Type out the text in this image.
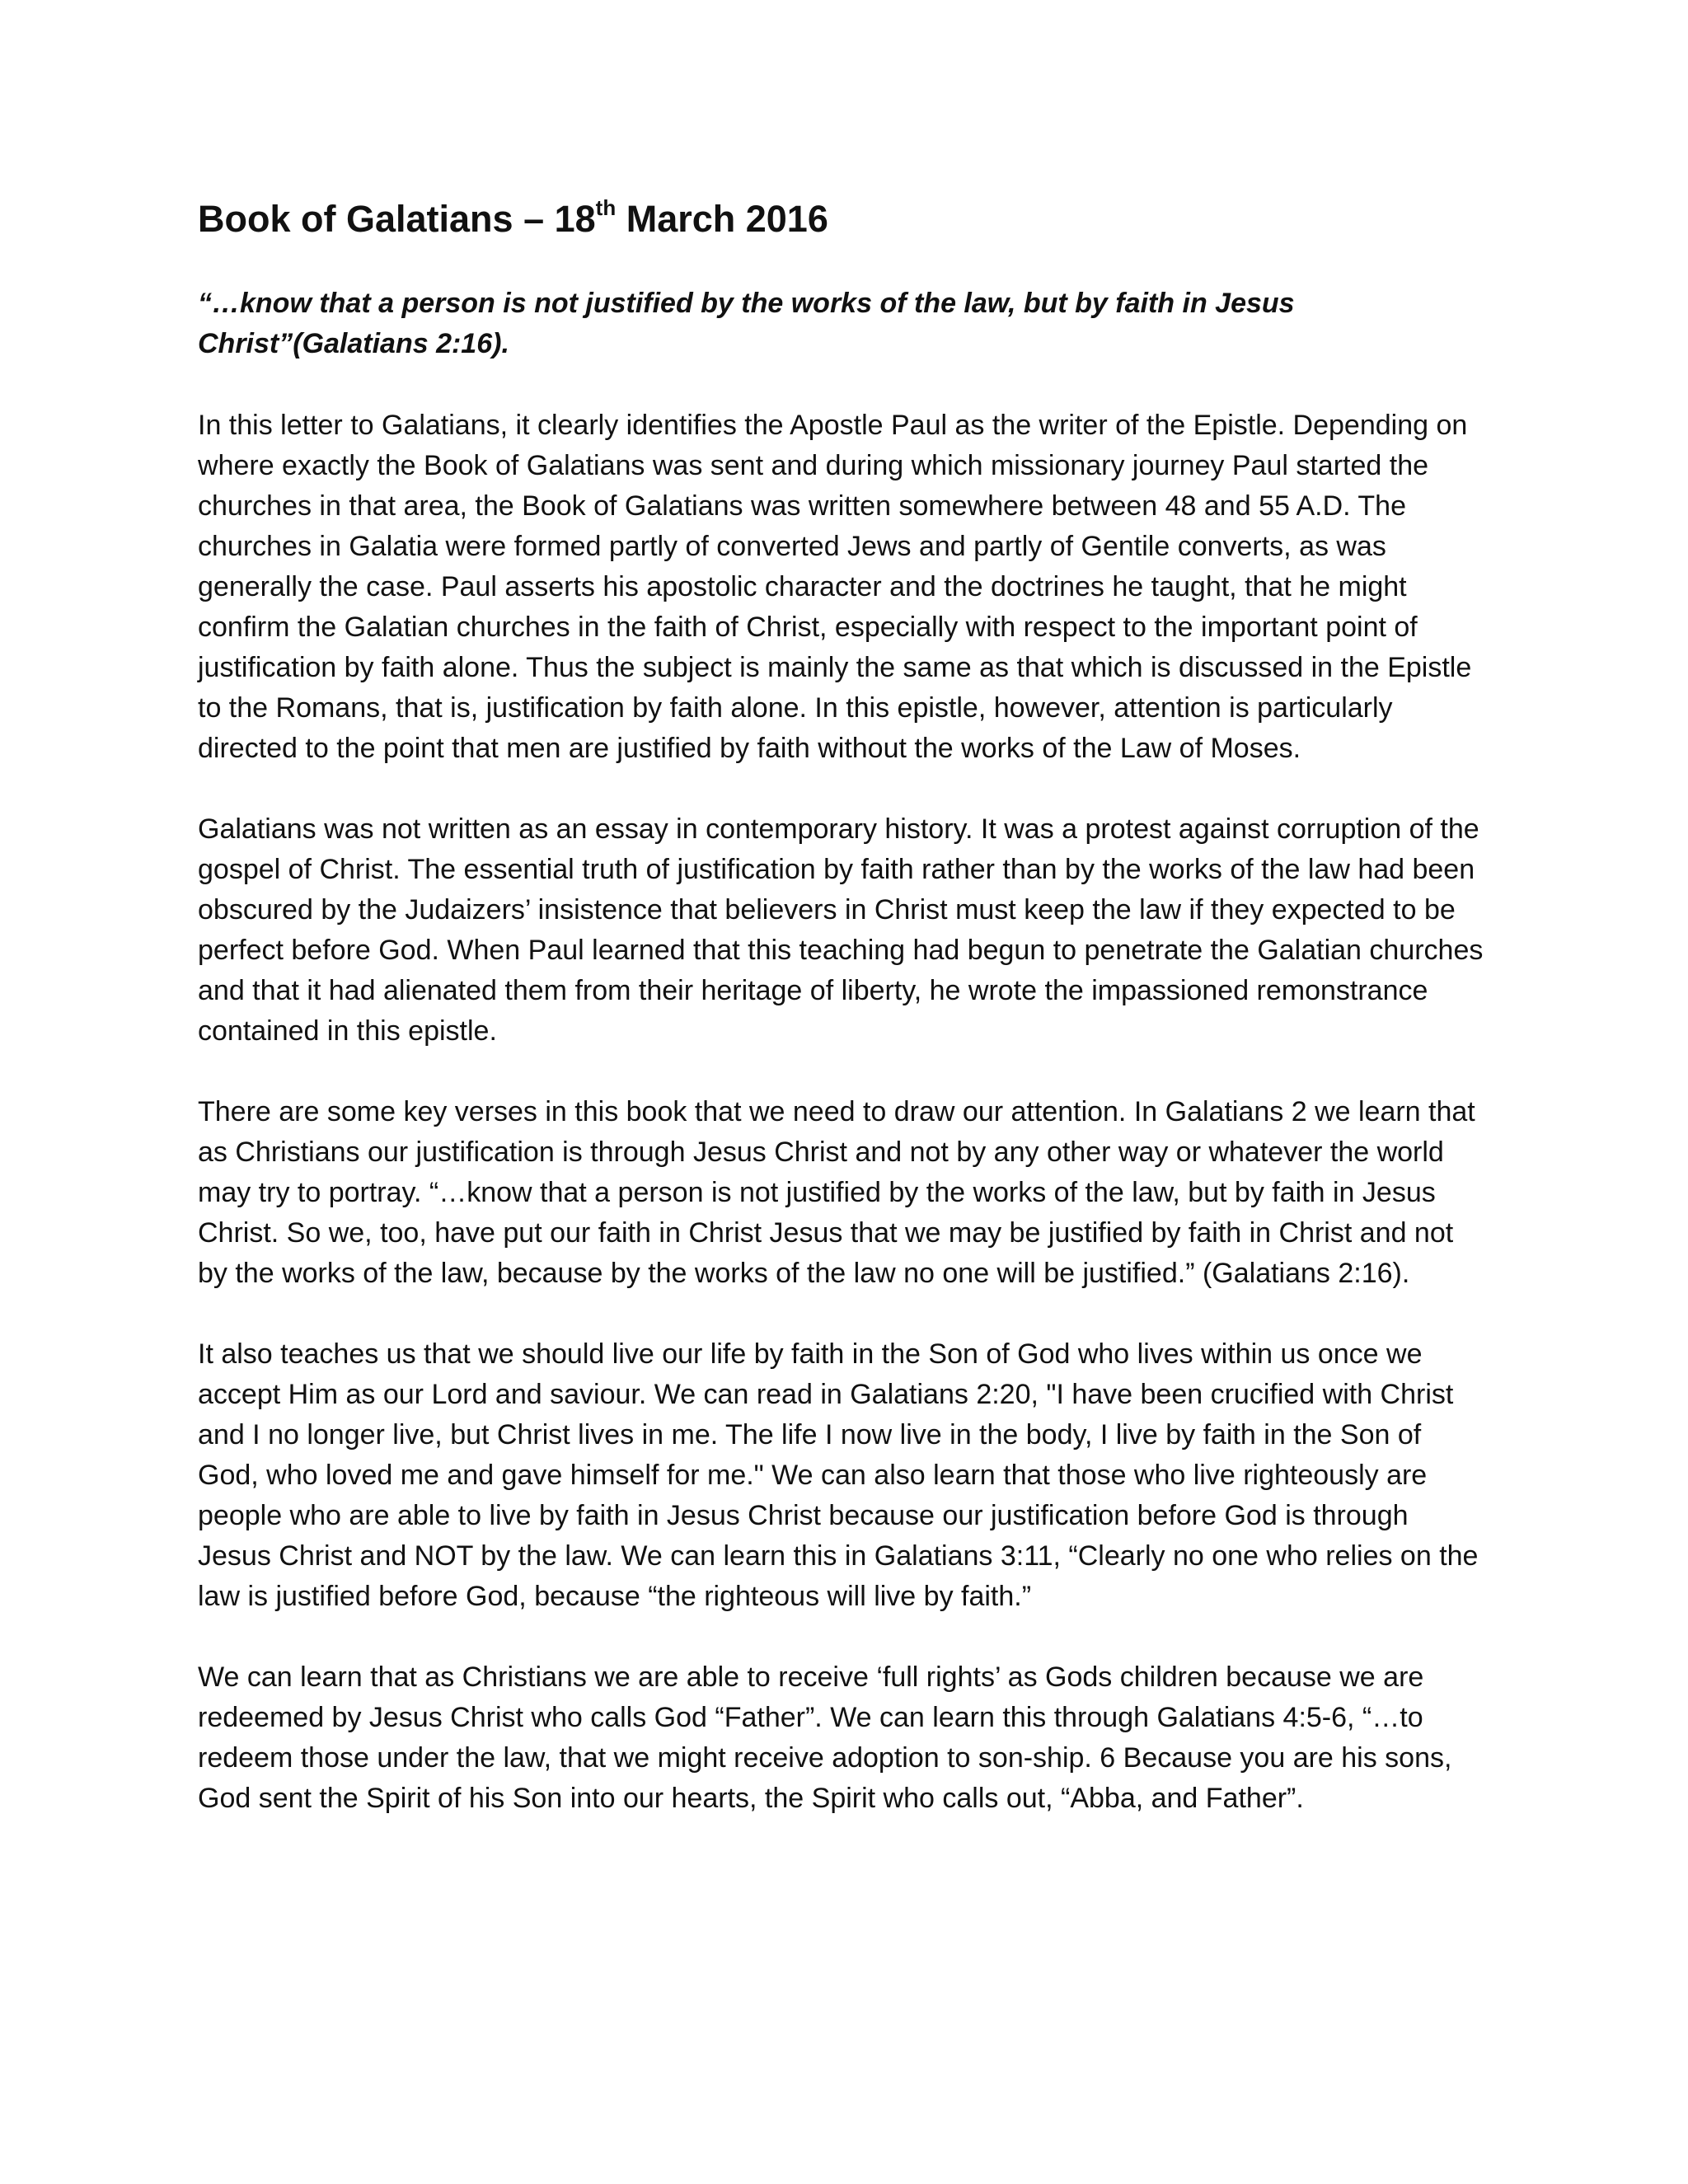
Book of Galatians – 18th March 2016

“…know that a person is not justified by the works of the law, but by faith in Jesus Christ”(Galatians 2:16).

In this letter to Galatians, it clearly identifies the Apostle Paul as the writer of the Epistle. Depending on where exactly the Book of Galatians was sent and during which missionary journey Paul started the churches in that area, the Book of Galatians was written somewhere between 48 and 55 A.D. The churches in Galatia were formed partly of converted Jews and partly of Gentile converts, as was generally the case. Paul asserts his apostolic character and the doctrines he taught, that he might confirm the Galatian churches in the faith of Christ, especially with respect to the important point of justification by faith alone. Thus the subject is mainly the same as that which is discussed in the Epistle to the Romans, that is, justification by faith alone. In this epistle, however, attention is particularly directed to the point that men are justified by faith without the works of the Law of Moses.

Galatians was not written as an essay in contemporary history. It was a protest against corruption of the gospel of Christ. The essential truth of justification by faith rather than by the works of the law had been obscured by the Judaizers’ insistence that believers in Christ must keep the law if they expected to be perfect before God. When Paul learned that this teaching had begun to penetrate the Galatian churches and that it had alienated them from their heritage of liberty, he wrote the impassioned remonstrance contained in this epistle.

There are some key verses in this book that we need to draw our attention. In Galatians 2 we learn that as Christians our justification is through Jesus Christ and not by any other way or whatever the world may try to portray. “…know that a person is not justified by the works of the law, but by faith in Jesus Christ. So we, too, have put our faith in Christ Jesus that we may be justified by faith in Christ and not by the works of the law, because by the works of the law no one will be justified.” (Galatians 2:16).

It also teaches us that we should live our life by faith in the Son of God who lives within us once we accept Him as our Lord and saviour. We can read in Galatians 2:20, "I have been crucified with Christ and I no longer live, but Christ lives in me. The life I now live in the body, I live by faith in the Son of God, who loved me and gave himself for me." We can also learn that those who live righteously are people who are able to live by faith in Jesus Christ because our justification before God is through Jesus Christ and NOT by the law. We can learn this in Galatians 3:11, “Clearly no one who relies on the law is justified before God, because “the righteous will live by faith.”

We can learn that as Christians we are able to receive ‘full rights’ as Gods children because we are redeemed by Jesus Christ who calls God “Father”. We can learn this through Galatians 4:5-6, “…to redeem those under the law, that we might receive adoption to son-ship. 6 Because you are his sons, God sent the Spirit of his Son into our hearts, the Spirit who calls out, “Abba, and Father”.
